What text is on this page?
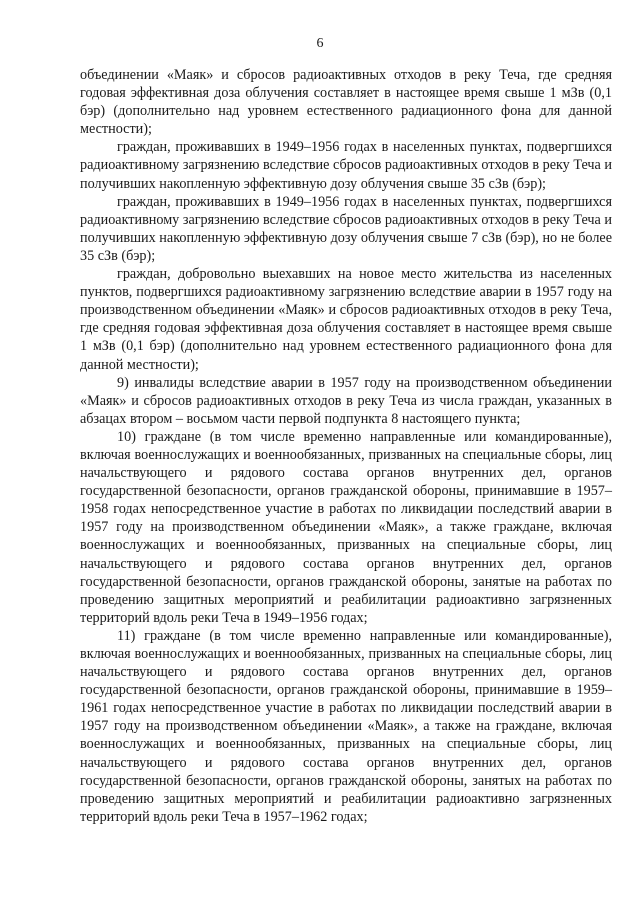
6

объединении «Маяк» и сбросов радиоактивных отходов в реку Теча, где средняя годовая эффективная доза облучения составляет в настоящее время свыше 1 мЗв (0,1 бэр) (дополнительно над уровнем естественного радиационного фона для данной местности);

граждан, проживавших в 1949–1956 годах в населенных пунктах, подвергшихся радиоактивному загрязнению вследствие сбросов радиоактивных отходов в реку Теча и получивших накопленную эффективную дозу облучения свыше 35 сЗв (бэр);

граждан, проживавших в 1949–1956 годах в населенных пунктах, подвергшихся радиоактивному загрязнению вследствие сбросов радиоактивных отходов в реку Теча и получивших накопленную эффективную дозу облучения свыше 7 сЗв (бэр), но не более 35 сЗв (бэр);

граждан, добровольно выехавших на новое место жительства из населенных пунктов, подвергшихся радиоактивному загрязнению вследствие аварии в 1957 году на производственном объединении «Маяк» и сбросов радиоактивных отходов в реку Теча, где средняя годовая эффективная доза облучения составляет в настоящее время свыше 1 мЗв (0,1 бэр) (дополнительно над уровнем естественного радиационного фона для данной местности);

9) инвалиды вследствие аварии в 1957 году на производственном объединении «Маяк» и сбросов радиоактивных отходов в реку Теча из числа граждан, указанных в абзацах втором – восьмом части первой подпункта 8 настоящего пункта;

10) граждане (в том числе временно направленные или командированные), включая военнослужащих и военнообязанных, призванных на специальные сборы, лиц начальствующего и рядового состава органов внутренних дел, органов государственной безопасности, органов гражданской обороны, принимавшие в 1957–1958 годах непосредственное участие в работах по ликвидации последствий аварии в 1957 году на производственном объединении «Маяк», а также граждане, включая военнослужащих и военнообязанных, призванных на специальные сборы, лиц начальствующего и рядового состава органов внутренних дел, органов государственной безопасности, органов гражданской обороны, занятые на работах по проведению защитных мероприятий и реабилитации радиоактивно загрязненных территорий вдоль реки Теча в 1949–1956 годах;

11) граждане (в том числе временно направленные или командированные), включая военнослужащих и военнообязанных, призванных на специальные сборы, лиц начальствующего и рядового состава органов внутренних дел, органов государственной безопасности, органов гражданской обороны, принимавшие в 1959–1961 годах непосредственное участие в работах по ликвидации последствий аварии в 1957 году на производственном объединении «Маяк», а также на граждане, включая военнослужащих и военнообязанных, призванных на специальные сборы, лиц начальствующего и рядового состава органов внутренних дел, органов государственной безопасности, органов гражданской обороны, занятых на работах по проведению защитных мероприятий и реабилитации радиоактивно загрязненных территорий вдоль реки Теча в 1957–1962 годах;
